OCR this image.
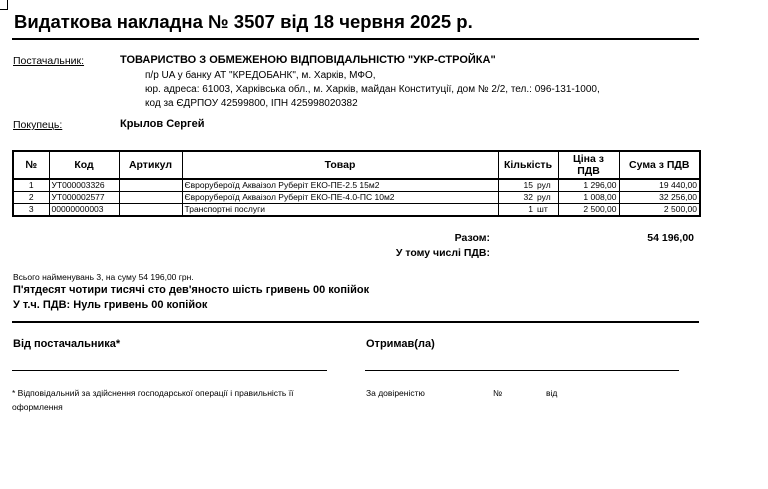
Видаткова накладна № 3507 від 18 червня 2025 р.
Постачальник:	ТОВАРИСТВО З ОБМЕЖЕНОЮ ВІДПОВІДАЛЬНІСТЮ "УКР-СТРОЙКА"
п/р UA у банку АТ "КРЕДОБАНК", м. Харків, МФО,
юр. адреса: 61003, Харківська обл., м. Харків, майдан Конституції, дом № 2/2, тел.: 096-131-1000,
код за ЄДРПОУ 42599800, ІПН 425998020382
Покупець:	Крылов Сергей
№	Код	Артикул	Товар	Кількість		Ціна з ПДВ	Сума з ПДВ
1	УТ000003326		Єврорубероїд Акваізол Руберіт ЕКО-ПЕ-2.5 15м2	15	рул	1 296,00	19 440,00
2	УТ000002577		Єврорубероїд Акваізол Руберіт ЕКО-ПЕ-4.0-ПС 10м2	32	рул	1 008,00	32 256,00
3	00000000003		Транспортні послуги	1	шт	2 500,00	2 500,00
Разом:	54 196,00
У тому числі ПДВ:
Всього найменувань 3, на суму 54 196,00 грн.
П'ятдесят чотири тисячі сто дев'яносто шість гривень 00 копійок
У т.ч. ПДВ: Нуль гривень 00 копійок
Від постачальника*	Отримав(ла)
* Відповідальний за здійснення господарської операції і правильність її оформлення
За довіреністю	№	від
